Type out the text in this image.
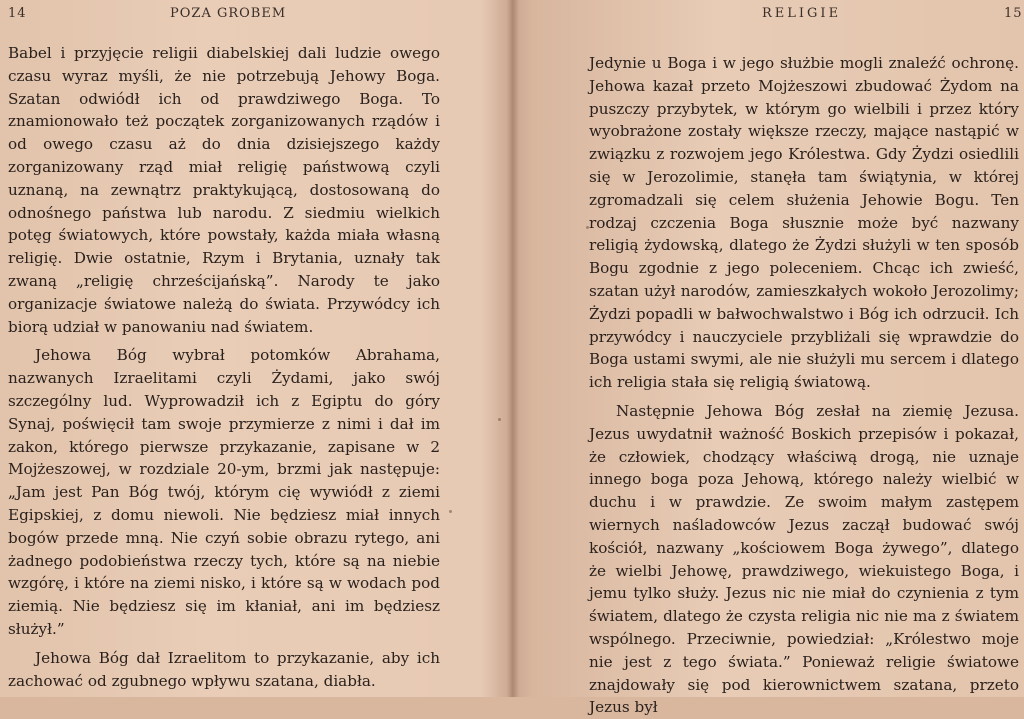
14	POZA GROBEM

Babel i przyjęcie religii diabelskiej dali ludzie owego czasu wyraz myśli, że nie potrzebują Jehowy Boga. Szatan odwiódł ich od prawdziwego Boga. To znamionowało też początek zorganizowanych rządów i od owego czasu aż do dnia dzisiejszego każdy zorganizowany rząd miał religię państwową czyli uznaną, na zewnątrz praktykującą, dostosowaną do odnośnego państwa lub narodu. Z siedmiu wielkich potęg światowych, które powstały, każda miała własną religię. Dwie ostatnie, Rzym i Brytania, uznały tak zwaną „religię chrześcijańską”. Narody te jako organizacje światowe należą do świata. Przywódcy ich biorą udział w panowaniu nad światem.

Jehowa Bóg wybrał potomków Abrahama, nazwanych Izraelitami czyli Żydami, jako swój szczególny lud. Wyprowadził ich z Egiptu do góry Synaj, poświęcił tam swoje przymierze z nimi i dał im zakon, którego pierwsze przykazanie, zapisane w 2 Mojżeszowej, w rozdziale 20-ym, brzmi jak następuje: „Jam jest Pan Bóg twój, którym cię wywiódł z ziemi Egipskiej, z domu niewoli. Nie będziesz miał innych bogów przede mną. Nie czyń sobie obrazu rytego, ani żadnego podobieństwa rzeczy tych, które są na niebie wzgórę, i które na ziemi nisko, i które są w wodach pod ziemią. Nie będziesz się im kłaniał, ani im będziesz służył.”

Jehowa Bóg dał Izraelitom to przykazanie, aby ich zachować od zgubnego wpływu szatana, diabła.

RELIGIE	15

Jedynie u Boga i w jego służbie mogli znaleźć ochronę. Jehowa kazał przeto Mojżeszowi zbudować Żydom na puszczy przybytek, w którym go wielbili i przez który wyobrażone zostały większe rzeczy, mające nastąpić w związku z rozwojem jego Królestwa. Gdy Żydzi osiedlili się w Jerozolimie, stanęła tam świątynia, w której zgromadzali się celem służenia Jehowie Bogu. Ten rodzaj czczenia Boga słusznie może być nazwany religią żydowską, dlatego że Żydzi służyli w ten sposób Bogu zgodnie z jego poleceniem. Chcąc ich zwieść, szatan użył narodów, zamieszkałych wokoło Jerozolimy; Żydzi popadli w bałwochwalstwo i Bóg ich odrzucił. Ich przywódcy i nauczyciele przybliżali się wprawdzie do Boga ustami swymi, ale nie służyli mu sercem i dlatego ich religia stała się religią światową.

Następnie Jehowa Bóg zesłał na ziemię Jezusa. Jezus uwydatnił ważność Boskich przepisów i pokazał, że człowiek, chodzący właściwą drogą, nie uznaje innego boga poza Jehową, którego należy wielbić w duchu i w prawdzie. Ze swoim małym zastępem wiernych naśladowców Jezus zaczął budować swój kościół, nazwany „kościowem Boga żywego”, dlatego że wielbi Jehowę, prawdziwego, wiekuistego Boga, i jemu tylko służy. Jezus nic nie miał do czynienia z tym światem, dlatego że czysta religia nic nie ma z światem wspólnego. Przeciwnie, powiedział: „Królestwo moje nie jest z tego świata.” Ponieważ religie światowe znajdowały się pod kierownictwem szatana, przeto Jezus był
